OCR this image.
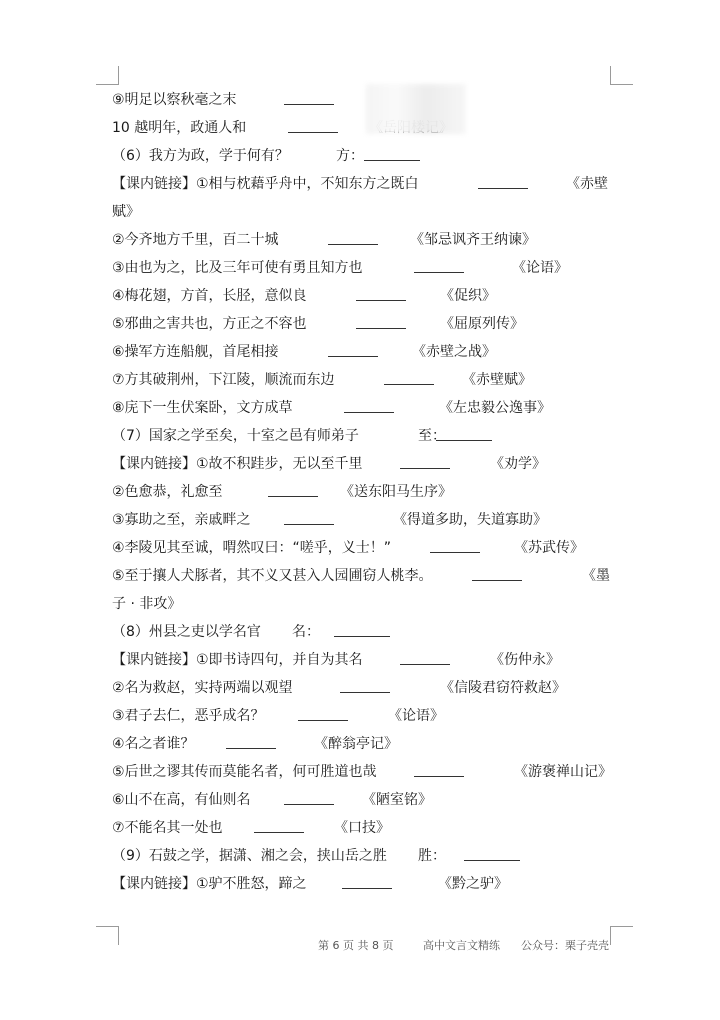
⑨明足以察秋毫之末
10 越明年，政通人和
（6）我方为政，学于何有？	方：
【课内链接】①相与枕藉乎舟中，不知东方之既白	《赤壁
赋》
②今齐地方千里，百二十城	《邹忌讽齐王纳谏》
③由也为之，比及三年可使有勇且知方也	《论语》
④梅花翅，方首，长胫，意似良	《促织》
⑤邪曲之害共也，方正之不容也	《屈原列传》
⑥操军方连船舰，首尾相接	《赤壁之战》
⑦方其破荆州，下江陵，顺流而东边	《赤壁赋》
⑧庑下一生伏案卧，文方成草	《左忠毅公逸事》
（7）国家之学至矣，十室之邑有师弟子	至：
【课内链接】①故不积跬步，无以至千里	《劝学》
②色愈恭，礼愈至	《送东阳马生序》
③寡助之至，亲戚畔之	《得道多助，失道寡助》
④李陵见其至诚，喟然叹曰：“嗟乎，义士！”	《苏武传》
⑤至于攘人犬豚者，其不义又甚入人园圃窃人桃李。	《墨
子 · 非攻》
（8）州县之吏以学名官 名：
【课内链接】①即书诗四句，并自为其名	《伤仲永》
②名为救赵，实持两端以观望	《信陵君窃符救赵》
③君子去仁，恶乎成名？	《论语》
④名之者谁？	《醉翁亭记》
⑤后世之谬其传而莫能名者，何可胜道也哉	《游褒禅山记》
⑥山不在高，有仙则名	《陋室铭》
⑦不能名其一处也	《口技》
（9）石鼓之学，据潇、湘之会，挟山岳之胜 胜：
【课内链接】①驴不胜怒，蹄之	《黔之驴》
第 6 页 共 8 页	高中文言文精练 公众号：栗子壳壳
